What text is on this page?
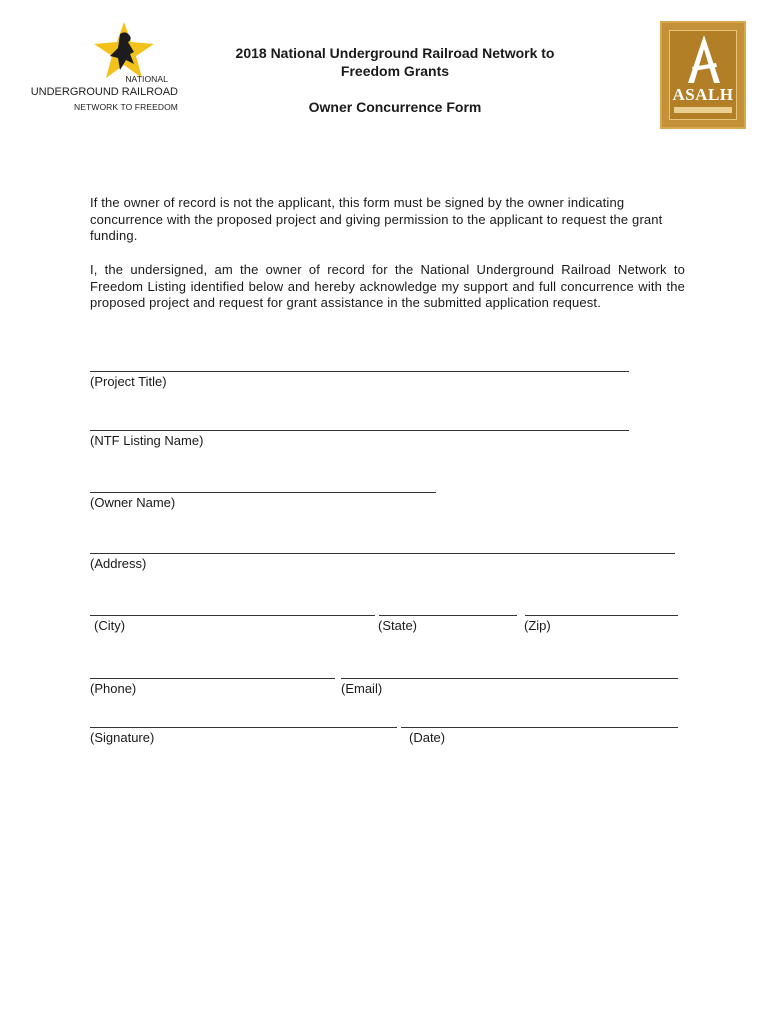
NATIONAL
UNDERGROUND RAILROAD
NETWORK TO FREEDOM
2018 National Underground Railroad Network to
Freedom Grants
Owner Concurrence Form
ASALH
If the owner of record is not the applicant, this form must be signed by the owner indicating concurrence with the proposed project and giving permission to the applicant to request the grant funding.
I, the undersigned, am the owner of record for the National Underground Railroad Network to Freedom Listing identified below and hereby acknowledge my support and full concurrence with the proposed project and request for grant assistance in the submitted application request.
(Project Title)
(NTF Listing Name)
(Owner Name)
(Address)
(City)	(State)	(Zip)
(Phone)	(Email)
(Signature)	(Date)
